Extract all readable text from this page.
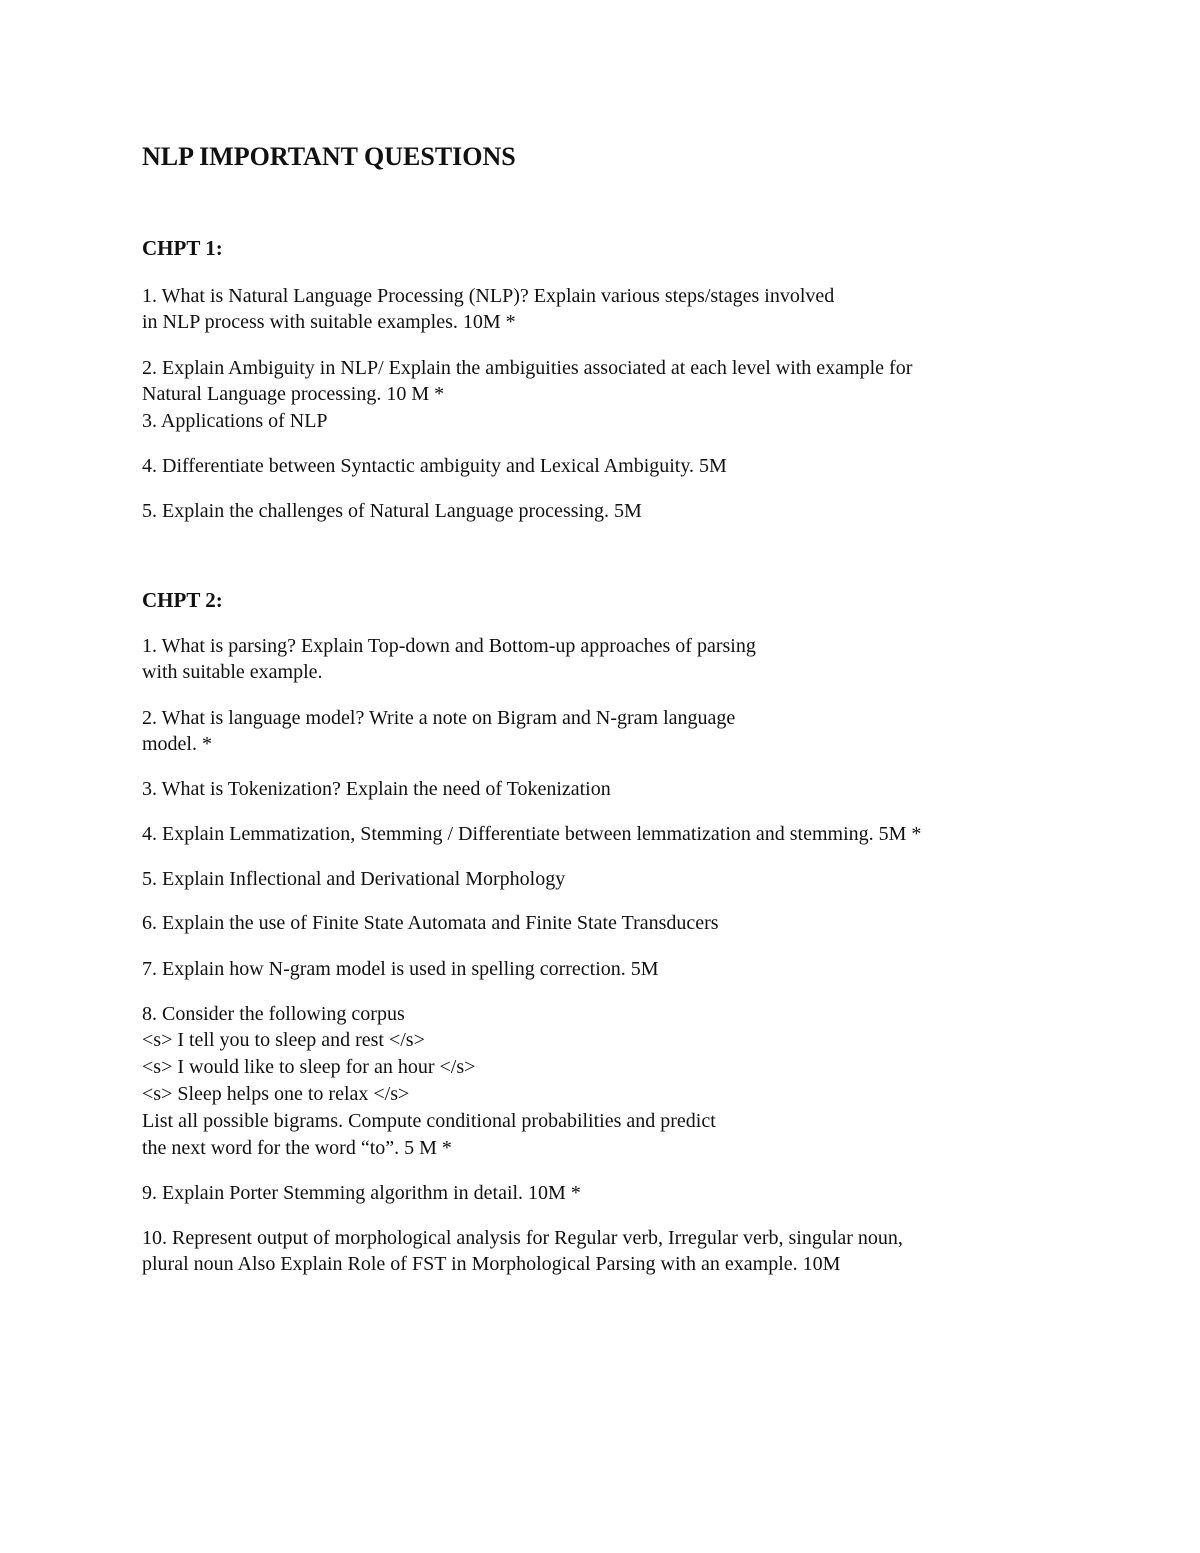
NLP IMPORTANT QUESTIONS
CHPT 1:

1. What is Natural Language Processing (NLP)? Explain various steps/stages involved

in NLP process with suitable examples. 10M *

2. Explain Ambiguity in NLP/ Explain the ambiguities associated at each level with example for

Natural Language processing. 10 M *

3. Applications of NLP

4. Differentiate between Syntactic ambiguity and Lexical Ambiguity. 5M

5. Explain the challenges of Natural Language processing. 5M

CHPT 2:

1. What is parsing? Explain Top-down and Bottom-up approaches of parsing

with suitable example.

2. What is language model? Write a note on Bigram and N-gram language

model. *

3. What is Tokenization? Explain the need of Tokenization

4. Explain Lemmatization, Stemming / Differentiate between lemmatization and stemming. 5M *

5. Explain Inflectional and Derivational Morphology

6. Explain the use of Finite State Automata and Finite State Transducers

7. Explain how N-gram model is used in spelling correction. 5M

8. Consider the following corpus

<s> I tell you to sleep and rest </s>

<s> I would like to sleep for an hour </s>

<s> Sleep helps one to relax </s>

List all possible bigrams. Compute conditional probabilities and predict

the next word for the word “to”. 5 M *

9. Explain Porter Stemming algorithm in detail. 10M *

10. Represent output of morphological analysis for Regular verb, Irregular verb, singular noun,

plural noun Also Explain Role of FST in Morphological Parsing with an example. 10M
